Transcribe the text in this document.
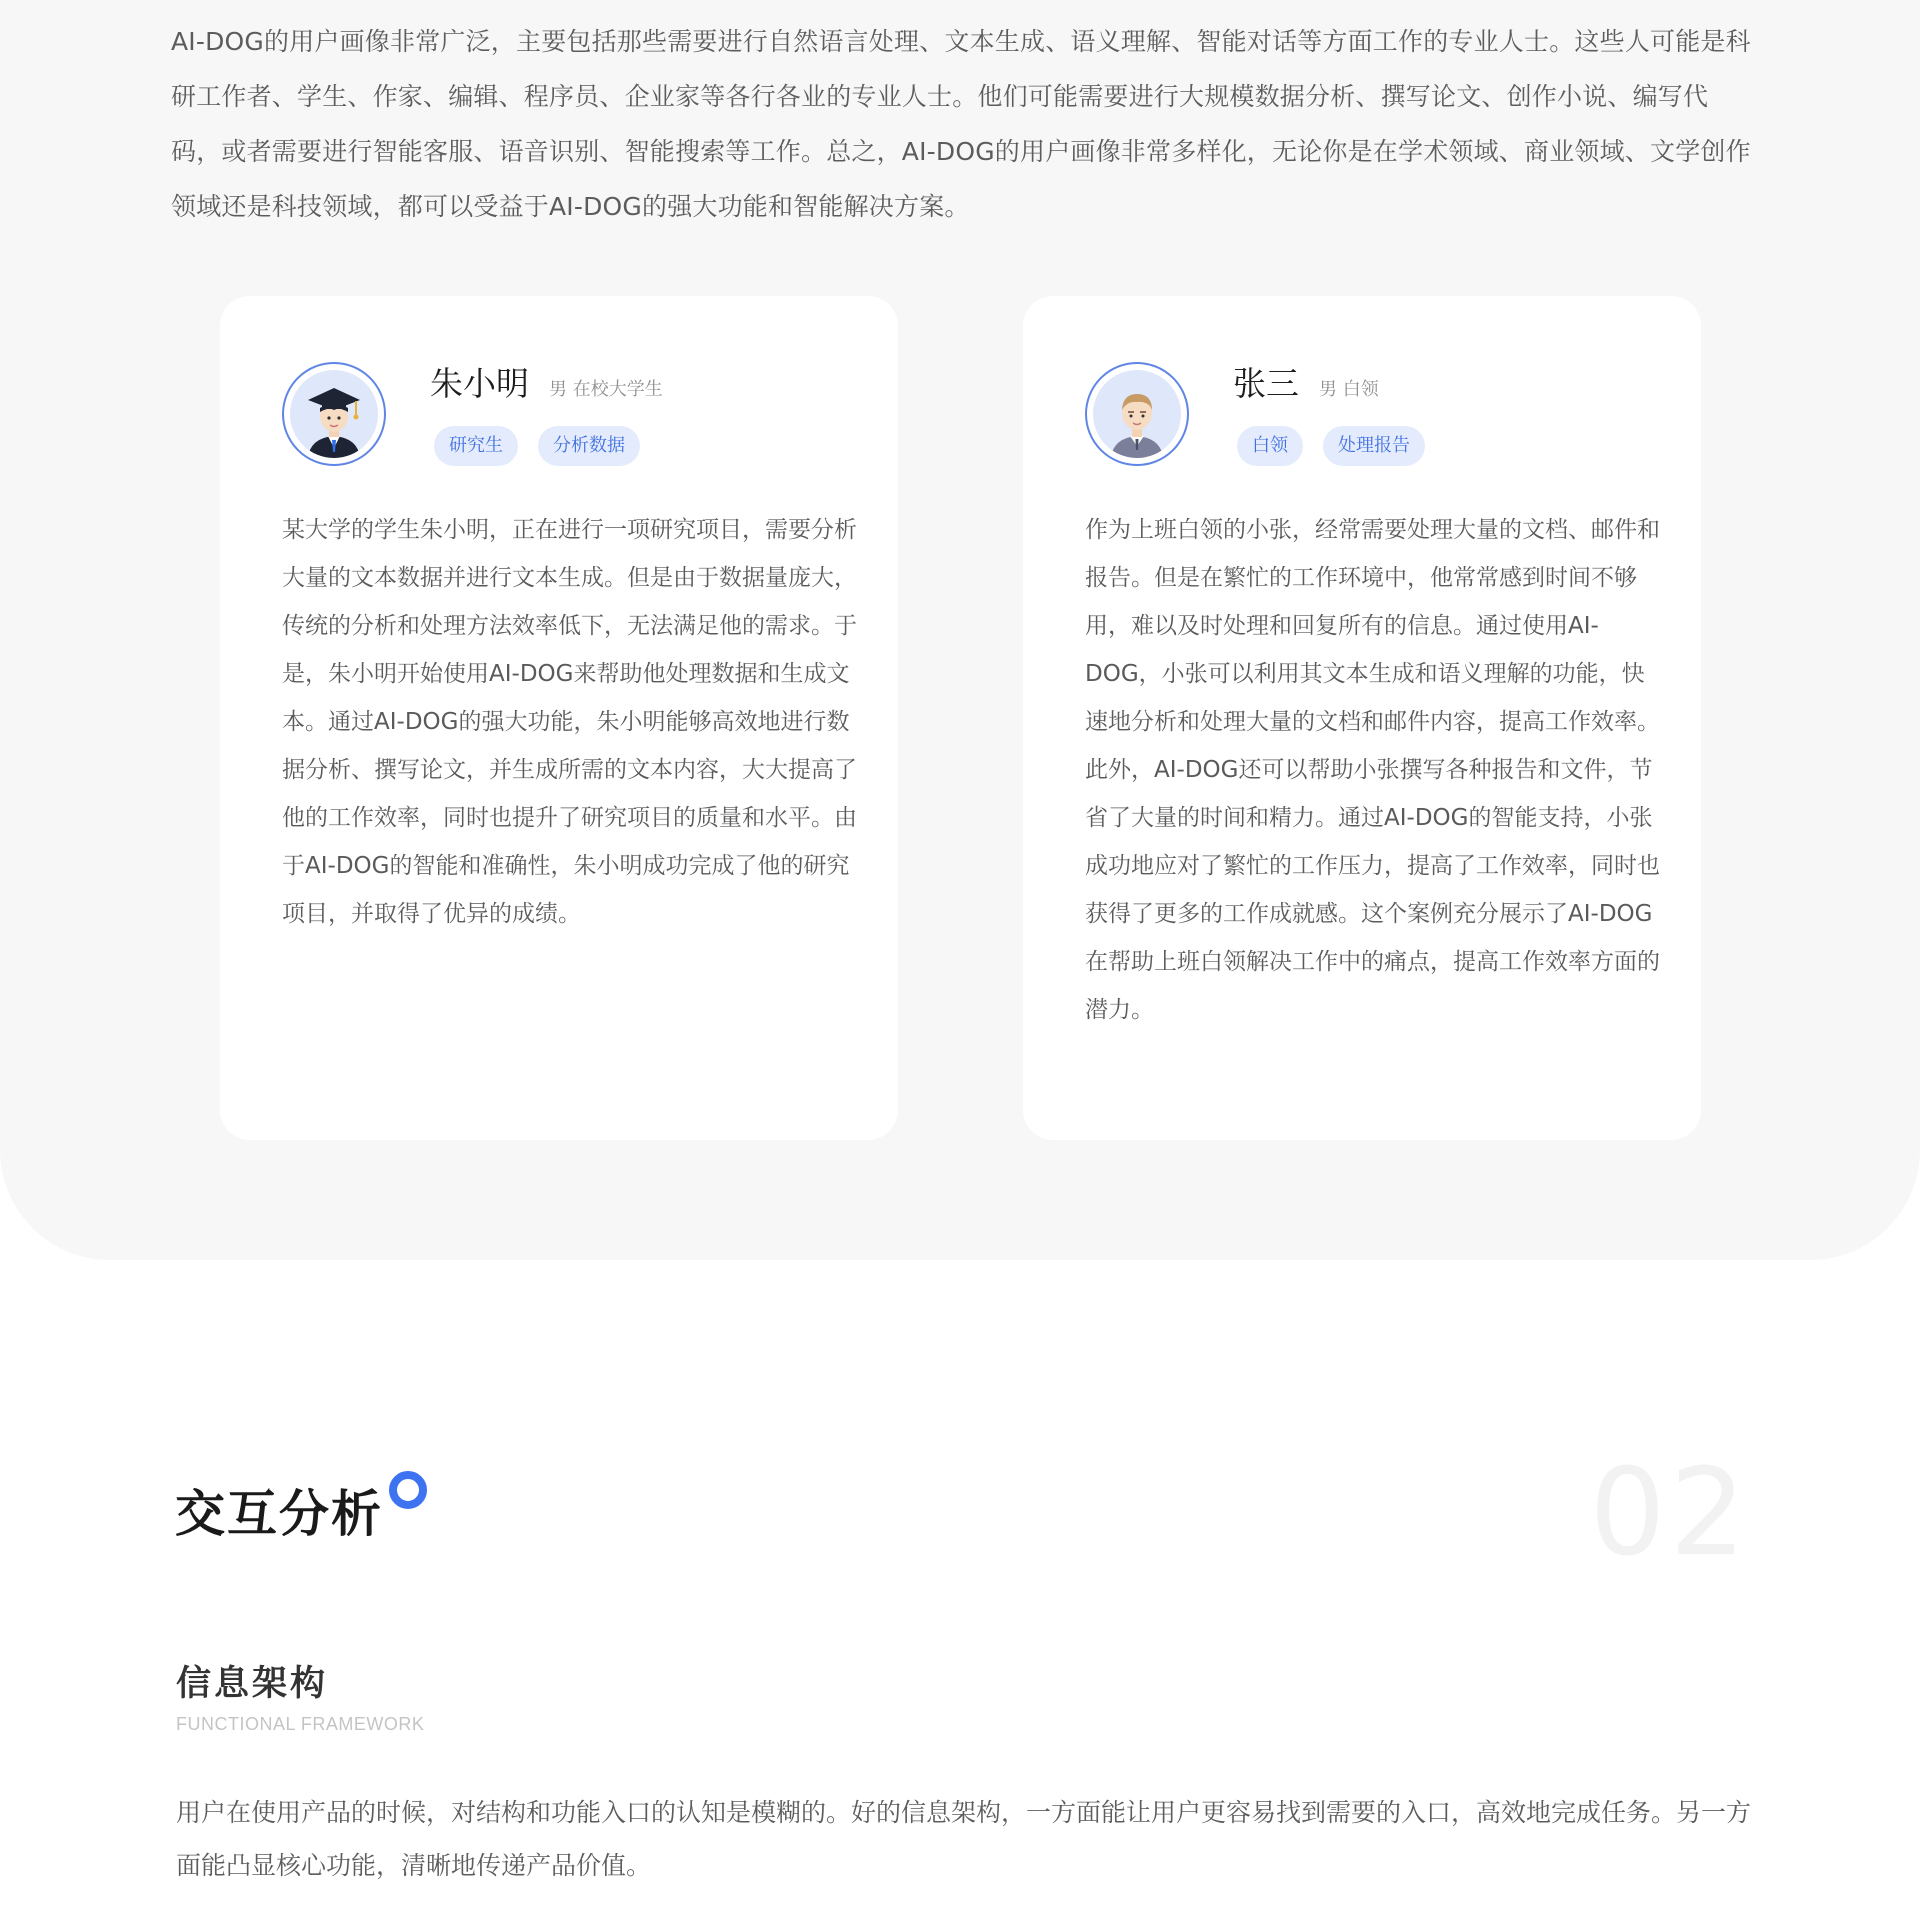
AI-DOG的用户画像非常广泛，主要包括那些需要进行自然语言处理、文本生成、语义理解、智能对话等方面工作的专业人士。这些人可能是科研工作者、学生、作家、编辑、程序员、企业家等各行各业的专业人士。他们可能需要进行大规模数据分析、撰写论文、创作小说、编写代码，或者需要进行智能客服、语音识别、智能搜索等工作。总之，AI-DOG的用户画像非常多样化，无论你是在学术领域、商业领域、文学创作领域还是科技领域，都可以受益于AI-DOG的强大功能和智能解决方案。

朱小明 男 在校大学生
研究生	分析数据

某大学的学生朱小明，正在进行一项研究项目，需要分析大量的文本数据并进行文本生成。但是由于数据量庞大，传统的分析和处理方法效率低下，无法满足他的需求。于是，朱小明开始使用AI-DOG来帮助他处理数据和生成文本。通过AI-DOG的强大功能，朱小明能够高效地进行数据分析、撰写论文，并生成所需的文本内容，大大提高了他的工作效率，同时也提升了研究项目的质量和水平。由于AI-DOG的智能和准确性，朱小明成功完成了他的研究项目，并取得了优异的成绩。

张三 男 白领
白领	处理报告

作为上班白领的小张，经常需要处理大量的文档、邮件和报告。但是在繁忙的工作环境中，他常常感到时间不够用，难以及时处理和回复所有的信息。通过使用AI-DOG，小张可以利用其文本生成和语义理解的功能，快速地分析和处理大量的文档和邮件内容，提高工作效率。此外，AI-DOG还可以帮助小张撰写各种报告和文件，节省了大量的时间和精力。通过AI-DOG的智能支持，小张成功地应对了繁忙的工作压力，提高了工作效率，同时也获得了更多的工作成就感。这个案例充分展示了AI-DOG在帮助上班白领解决工作中的痛点，提高工作效率方面的潜力。

交互分析	02
信息架构
FUNCTIONAL FRAMEWORK

用户在使用产品的时候，对结构和功能入口的认知是模糊的。好的信息架构，一方面能让用户更容易找到需要的入口，高效地完成任务。另一方面能凸显核心功能，清晰地传递产品价值。
